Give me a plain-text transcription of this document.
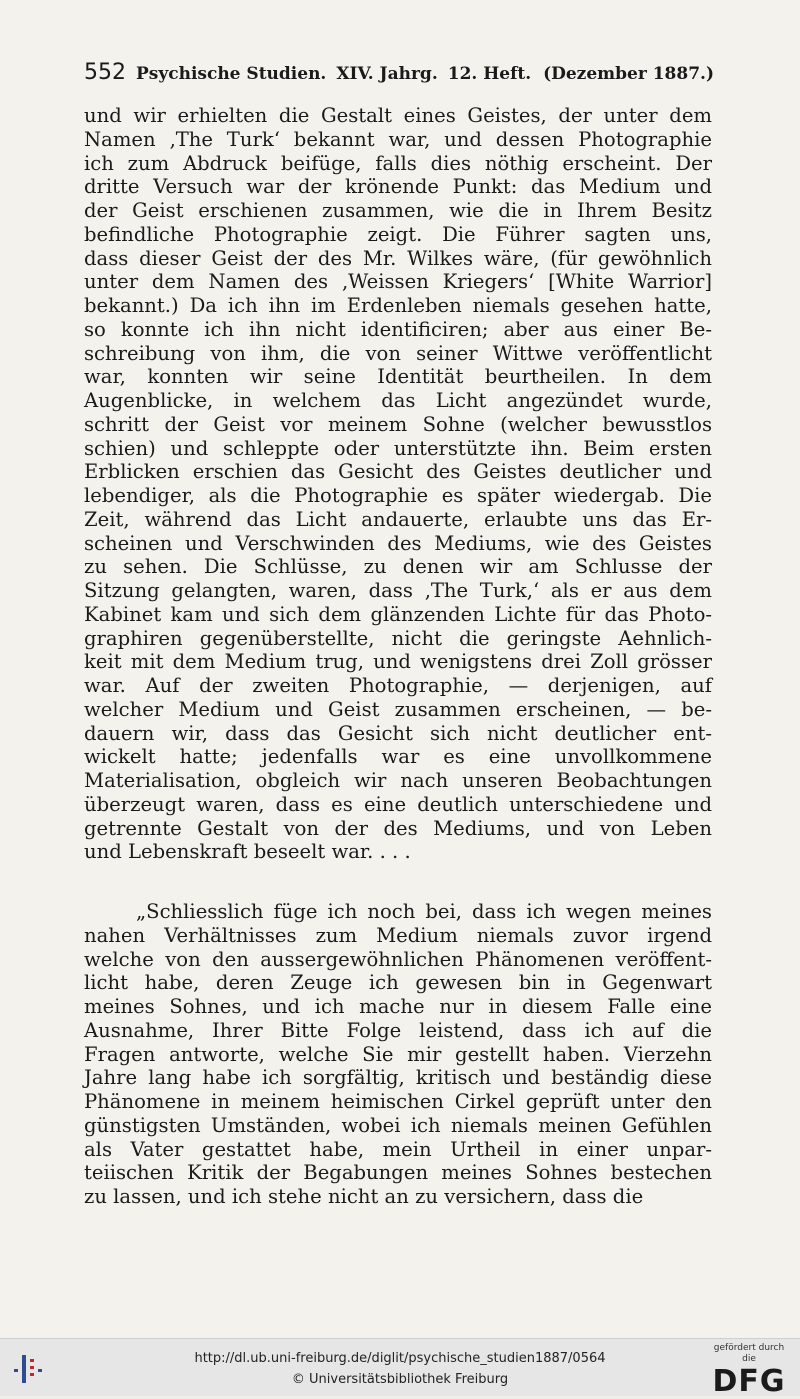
552 Psychische Studien. XIV. Jahrg. 12. Heft. (Dezember 1887.)
und wir erhielten die Gestalt eines Geistes, der unter dem
Namen ‚The Turk‘ bekannt war, und dessen Photographie
ich zum Abdruck beifüge, falls dies nöthig erscheint. Der
dritte Versuch war der krönende Punkt: das Medium und
der Geist erschienen zusammen, wie die in Ihrem Besitz
befindliche Photographie zeigt. Die Führer sagten uns,
dass dieser Geist der des Mr. Wilkes wäre, (für gewöhnlich
unter dem Namen des ‚Weissen Kriegers‘ [White Warrior]
bekannt.) Da ich ihn im Erdenleben niemals gesehen hatte,
so konnte ich ihn nicht identificiren; aber aus einer Be-
schreibung von ihm, die von seiner Wittwe veröffentlicht
war, konnten wir seine Identität beurtheilen. In dem
Augenblicke, in welchem das Licht angezündet wurde,
schritt der Geist vor meinem Sohne (welcher bewusstlos
schien) und schleppte oder unterstützte ihn. Beim ersten
Erblicken erschien das Gesicht des Geistes deutlicher und
lebendiger, als die Photographie es später wiedergab. Die
Zeit, während das Licht andauerte, erlaubte uns das Er-
scheinen und Verschwinden des Mediums, wie des Geistes
zu sehen. Die Schlüsse, zu denen wir am Schlusse der
Sitzung gelangten, waren, dass ‚The Turk,‘ als er aus dem
Kabinet kam und sich dem glänzenden Lichte für das Photo-
graphiren gegenüberstellte, nicht die geringste Aehnlich-
keit mit dem Medium trug, und wenigstens drei Zoll grösser
war. Auf der zweiten Photographie, — derjenigen, auf
welcher Medium und Geist zusammen erscheinen, — be-
dauern wir, dass das Gesicht sich nicht deutlicher ent-
wickelt hatte; jedenfalls war es eine unvollkommene
Materialisation, obgleich wir nach unseren Beobachtungen
überzeugt waren, dass es eine deutlich unterschiedene und
getrennte Gestalt von der des Mediums, und von Leben
und Lebenskraft beseelt war. . . .
„Schliesslich füge ich noch bei, dass ich wegen meines
nahen Verhältnisses zum Medium niemals zuvor irgend
welche von den aussergewöhnlichen Phänomenen veröffent-
licht habe, deren Zeuge ich gewesen bin in Gegenwart
meines Sohnes, und ich mache nur in diesem Falle eine
Ausnahme, Ihrer Bitte Folge leistend, dass ich auf die
Fragen antworte, welche Sie mir gestellt haben. Vierzehn
Jahre lang habe ich sorgfältig, kritisch und beständig diese
Phänomene in meinem heimischen Cirkel geprüft unter den
günstigsten Umständen, wobei ich niemals meinen Gefühlen
als Vater gestattet habe, mein Urtheil in einer unpar-
teiischen Kritik der Begabungen meines Sohnes bestechen
zu lassen, und ich stehe nicht an zu versichern, dass die
http://dl.ub.uni-freiburg.de/diglit/psychische_studien1887/0564
© Universitätsbibliothek Freiburg
gefördert durch die
DFG
